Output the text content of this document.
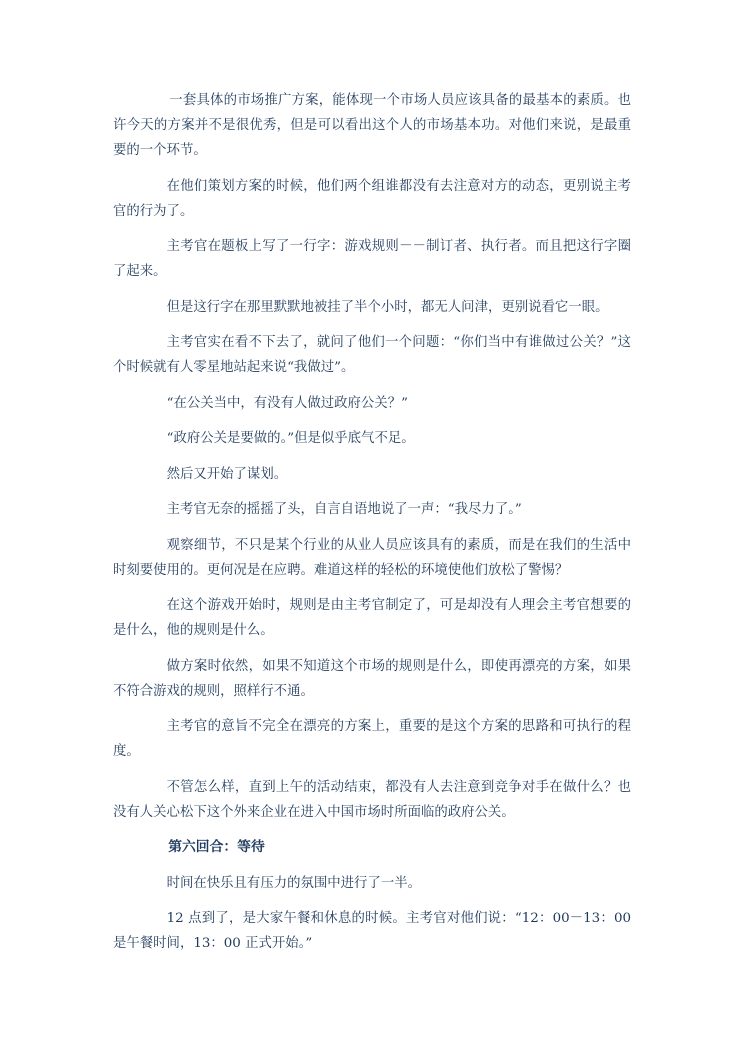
一套具体的市场推广方案，能体现一个市场人员应该具备的最基本的素质。也许今天的方案并不是很优秀，但是可以看出这个人的市场基本功。对他们来说，是最重要的一个环节。

在他们策划方案的时候，他们两个组谁都没有去注意对方的动态，更别说主考官的行为了。

主考官在题板上写了一行字：游戏规则－－制订者、执行者。而且把这行字圈了起来。

但是这行字在那里默默地被挂了半个小时，都无人问津，更别说看它一眼。

主考官实在看不下去了，就问了他们一个问题：“你们当中有谁做过公关？”这个时候就有人零星地站起来说“我做过”。

“在公关当中，有没有人做过政府公关？”

“政府公关是要做的。”但是似乎底气不足。

然后又开始了谋划。

主考官无奈的摇摇了头，自言自语地说了一声：“我尽力了。”

观察细节，不只是某个行业的从业人员应该具有的素质，而是在我们的生活中时刻要使用的。更何况是在应聘。难道这样的轻松的环境使他们放松了警惕？

在这个游戏开始时，规则是由主考官制定了，可是却没有人理会主考官想要的是什么，他的规则是什么。

做方案时依然，如果不知道这个市场的规则是什么，即使再漂亮的方案，如果不符合游戏的规则，照样行不通。

主考官的意旨不完全在漂亮的方案上，重要的是这个方案的思路和可执行的程度。

不管怎么样，直到上午的活动结束，都没有人去注意到竞争对手在做什么？也没有人关心松下这个外来企业在进入中国市场时所面临的政府公关。

第六回合：等待

时间在快乐且有压力的氛围中进行了一半。

12 点到了，是大家午餐和休息的时候。主考官对他们说：“12：00－13：00 是午餐时间，13：00 正式开始。”
